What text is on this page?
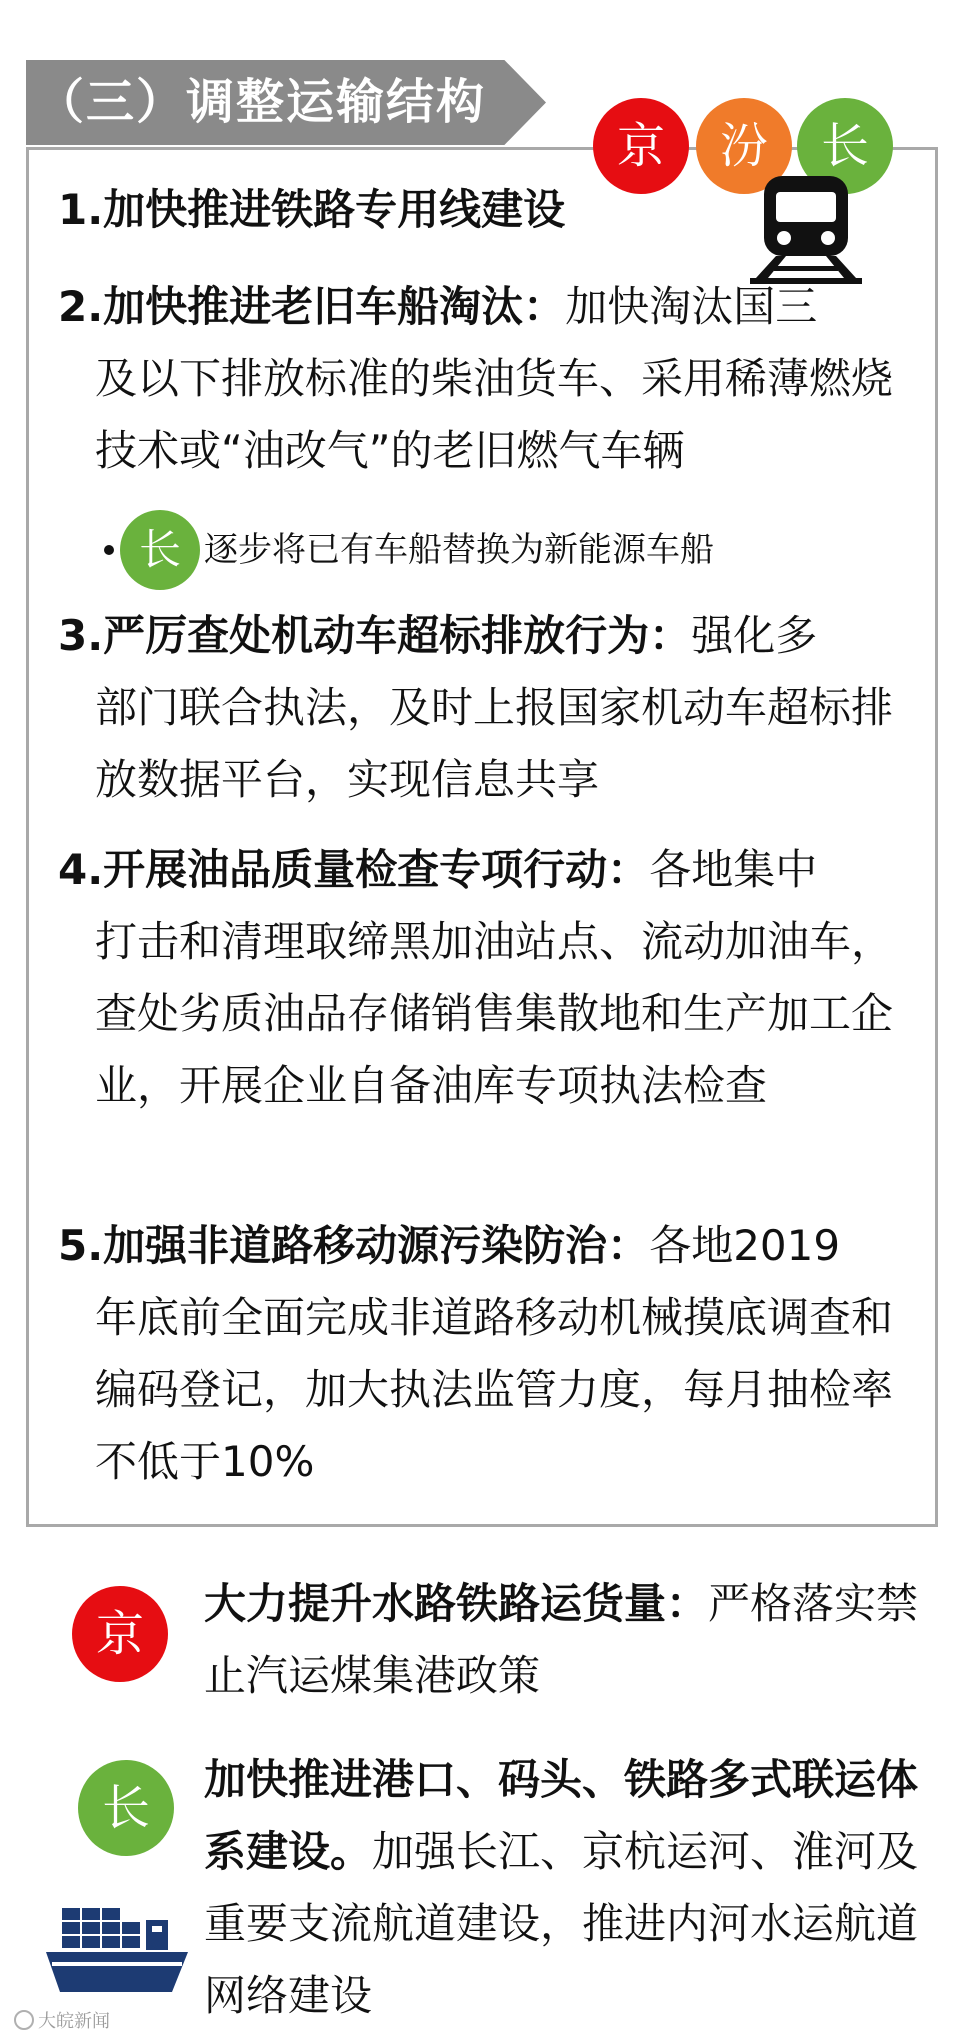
（三）调整运输结构
京	汾	长

1.加快推进铁路专用线建设

2.加快推进老旧车船淘汰：加快淘汰国三
及以下排放标准的柴油货车、采用稀薄燃烧技术或“油改气”的老旧燃气车辆
长 逐步将已有车船替换为新能源车船
3.严厉查处机动车超标排放行为：强化多
部门联合执法，及时上报国家机动车超标排放数据平台，实现信息共享
4.开展油品质量检查专项行动：各地集中
打击和清理取缔黑加油站点、流动加油车，查处劣质油品存储销售集散地和生产加工企业，开展企业自备油库专项执法检查
5.加强非道路移动源污染防治：各地2019
年底前全面完成非道路移动机械摸底调查和编码登记，加大执法监管力度，每月抽检率不低于10%
京

大力提升水路铁路运货量：严格落实禁止汽运煤集港政策

长

加快推进港口、码头、铁路多式联运体系建设。加强长江、京杭运河、淮河及重要支流航道建设，推进内河水运航道网络建设

大皖新闻
